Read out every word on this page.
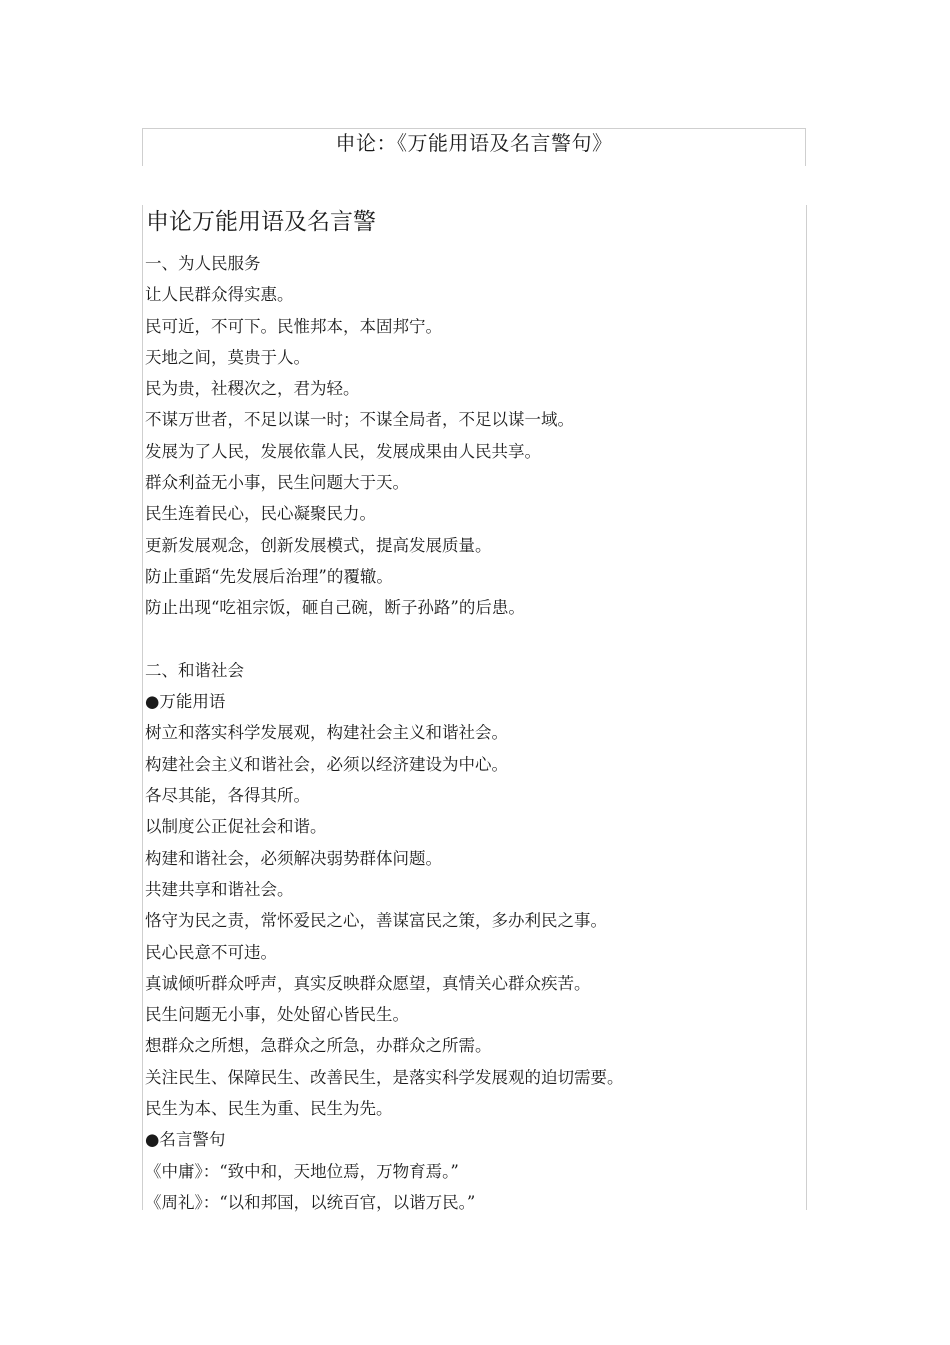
申论：《万能用语及名言警句》
申论万能用语及名言警
一、为人民服务
让人民群众得实惠。
民可近，不可下。民惟邦本，本固邦宁。
天地之间，莫贵于人。
民为贵，社稷次之，君为轻。
不谋万世者，不足以谋一时；不谋全局者，不足以谋一域。
发展为了人民，发展依靠人民，发展成果由人民共享。
群众利益无小事，民生问题大于天。
民生连着民心，民心凝聚民力。
更新发展观念，创新发展模式，提高发展质量。
防止重蹈“先发展后治理”的覆辙。
防止出现“吃祖宗饭，砸自己碗，断子孙路”的后患。
二、和谐社会
●万能用语
树立和落实科学发展观，构建社会主义和谐社会。
构建社会主义和谐社会，必须以经济建设为中心。
各尽其能，各得其所。
以制度公正促社会和谐。
构建和谐社会，必须解决弱势群体问题。
共建共享和谐社会。
恪守为民之责，常怀爱民之心，善谋富民之策，多办利民之事。
民心民意不可违。
真诚倾听群众呼声，真实反映群众愿望，真情关心群众疾苦。
民生问题无小事，处处留心皆民生。
想群众之所想，急群众之所急，办群众之所需。
关注民生、保障民生、改善民生，是落实科学发展观的迫切需要。
民生为本、民生为重、民生为先。
●名言警句
《中庸》：“致中和，天地位焉，万物育焉。”
《周礼》：“以和邦国，以统百官，以谐万民。”
